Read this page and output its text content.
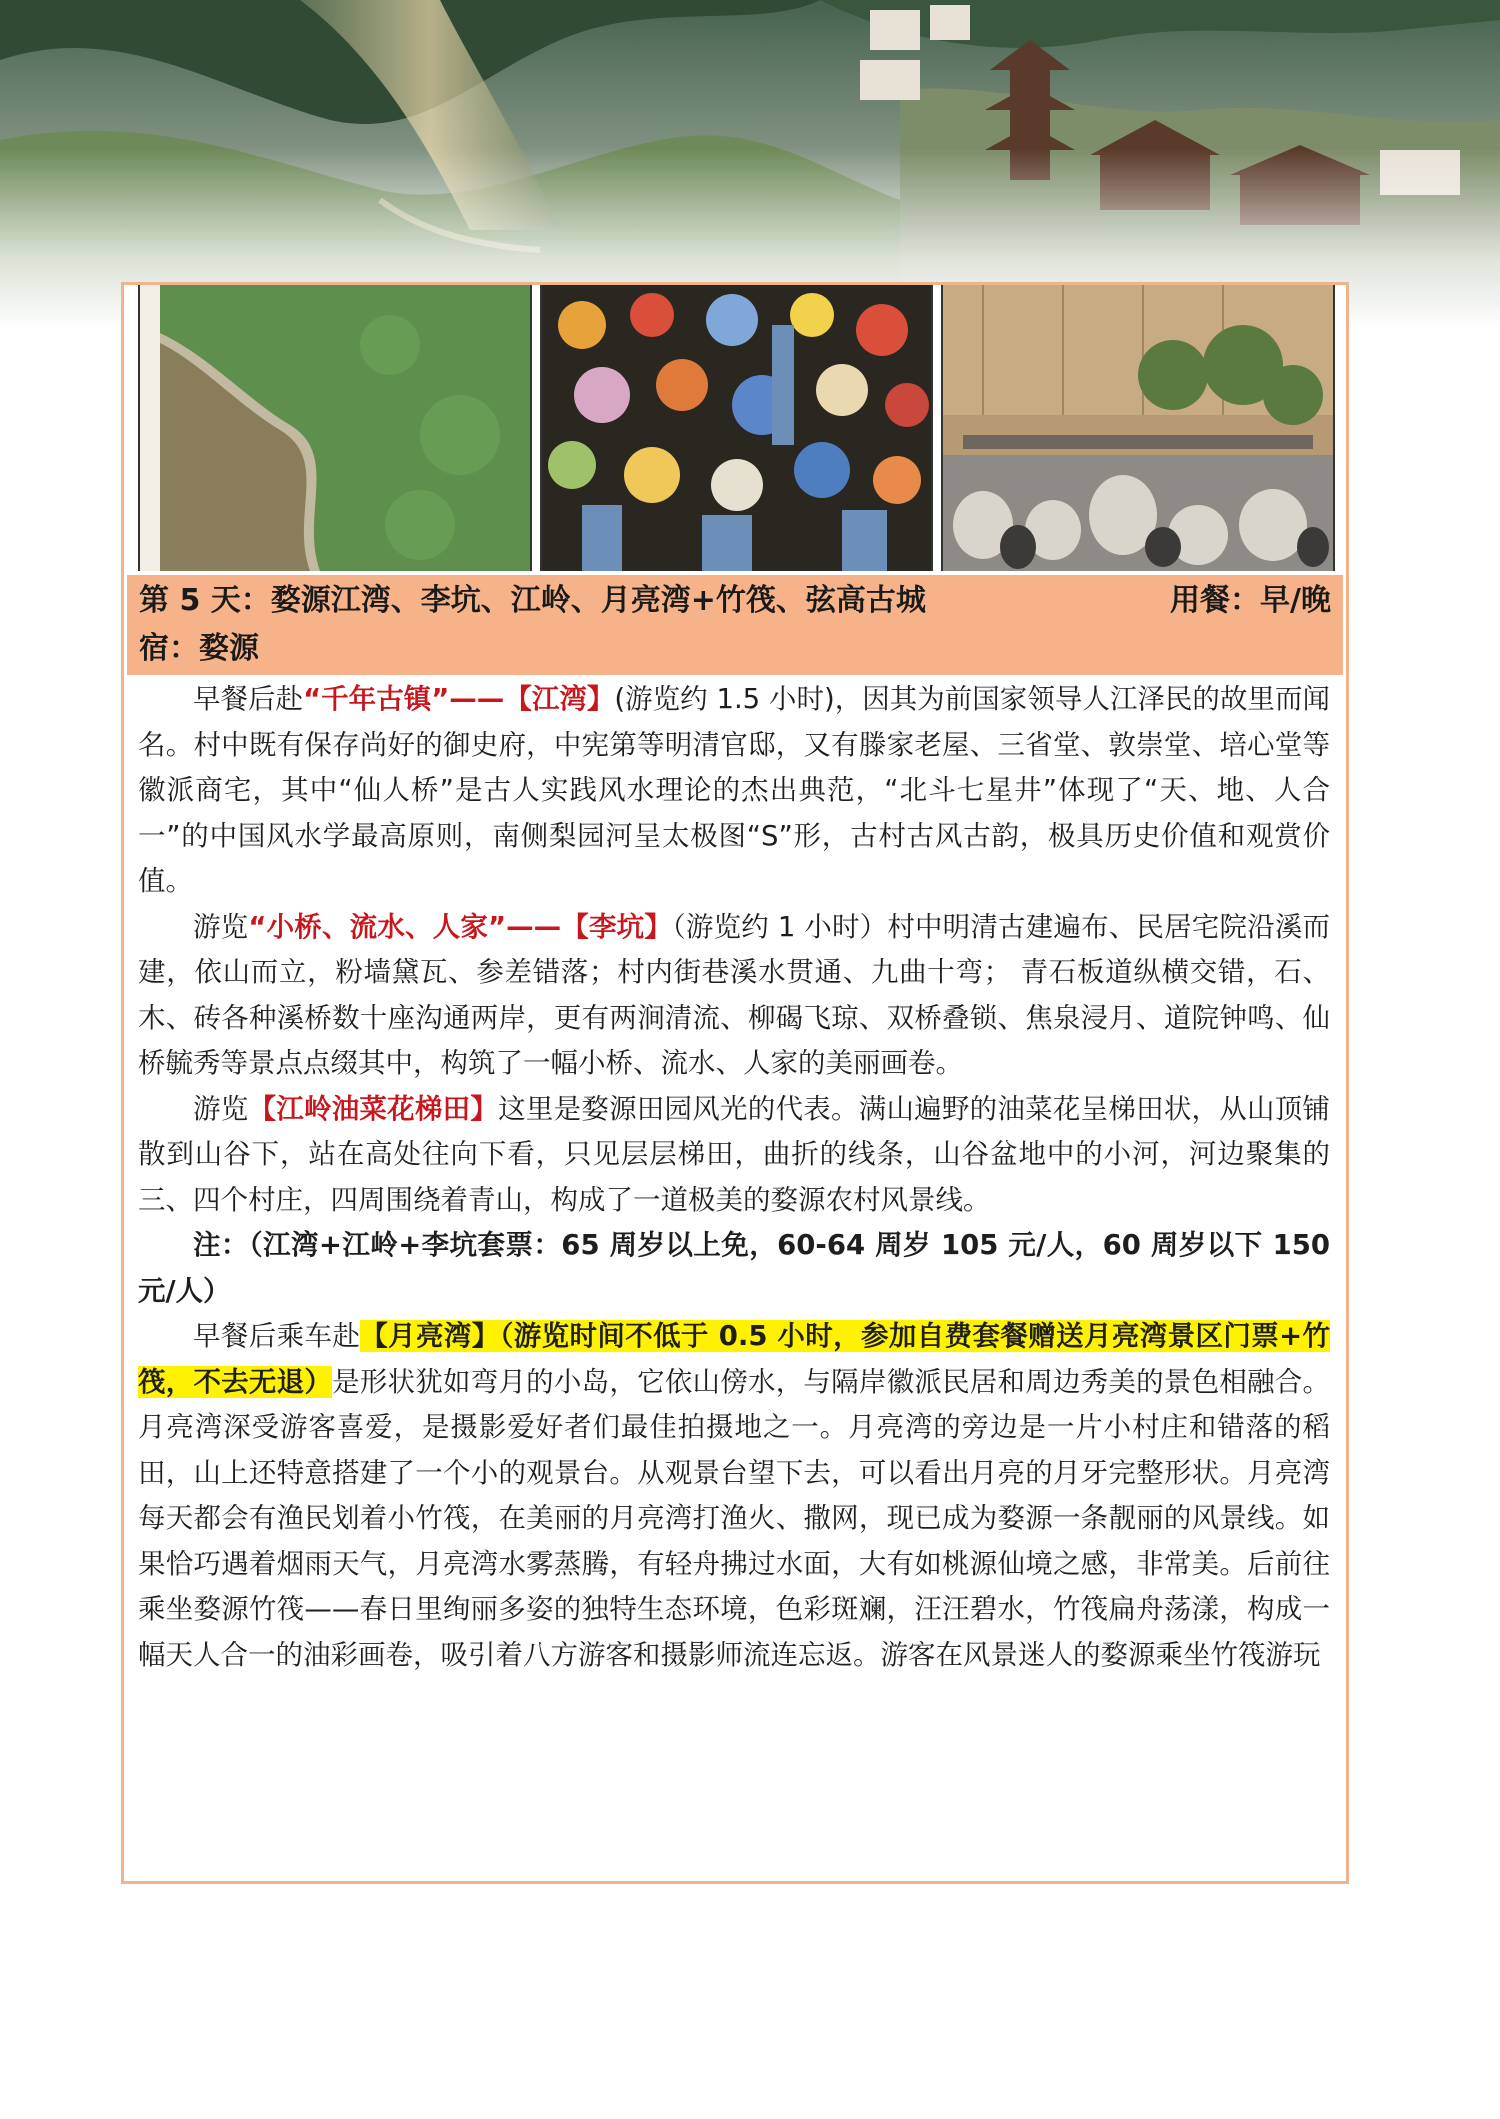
第 5 天：婺源江湾、李坑、江岭、月亮湾+竹筏、弦高古城	用餐：早/晚
宿：婺源

早餐后赴“千年古镇”——【江湾】(游览约 1.5 小时)，因其为前国家领导人江泽民的故里而闻名。村中既有保存尚好的御史府，中宪第等明清官邸，又有滕家老屋、三省堂、敦崇堂、培心堂等徽派商宅，其中“仙人桥”是古人实践风水理论的杰出典范，“北斗七星井”体现了“天、地、人合一”的中国风水学最高原则，南侧梨园河呈太极图“S”形，古村古风古韵，极具历史价值和观赏价值。

游览“小桥、流水、人家”——【李坑】（游览约 1 小时）村中明清古建遍布、民居宅院沿溪而建，依山而立，粉墙黛瓦、参差错落；村内街巷溪水贯通、九曲十弯； 青石板道纵横交错，石、木、砖各种溪桥数十座沟通两岸，更有两涧清流、柳碣飞琼、双桥叠锁、焦泉浸月、道院钟鸣、仙桥毓秀等景点点缀其中，构筑了一幅小桥、流水、人家的美丽画卷。

游览【江岭油菜花梯田】这里是婺源田园风光的代表。满山遍野的油菜花呈梯田状，从山顶铺散到山谷下，站在高处往向下看，只见层层梯田，曲折的线条，山谷盆地中的小河，河边聚集的三、四个村庄，四周围绕着青山，构成了一道极美的婺源农村风景线。

注：（江湾+江岭+李坑套票：65 周岁以上免，60-64 周岁 105 元/人，60 周岁以下 150 元/人）

早餐后乘车赴【月亮湾】（游览时间不低于 0.5 小时，参加自费套餐赠送月亮湾景区门票+竹筏，不去无退）是形状犹如弯月的小岛，它依山傍水，与隔岸徽派民居和周边秀美的景色相融合。月亮湾深受游客喜爱，是摄影爱好者们最佳拍摄地之一。月亮湾的旁边是一片小村庄和错落的稻田，山上还特意搭建了一个小的观景台。从观景台望下去，可以看出月亮的月牙完整形状。月亮湾每天都会有渔民划着小竹筏，在美丽的月亮湾打渔火、撒网，现已成为婺源一条靓丽的风景线。如果恰巧遇着烟雨天气，月亮湾水雾蒸腾，有轻舟拂过水面，大有如桃源仙境之感，非常美。后前往乘坐婺源竹筏——春日里绚丽多姿的独特生态环境，色彩斑斓，汪汪碧水，竹筏扁舟荡漾，构成一幅天人合一的油彩画卷，吸引着八方游客和摄影师流连忘返。游客在风景迷人的婺源乘坐竹筏游玩
